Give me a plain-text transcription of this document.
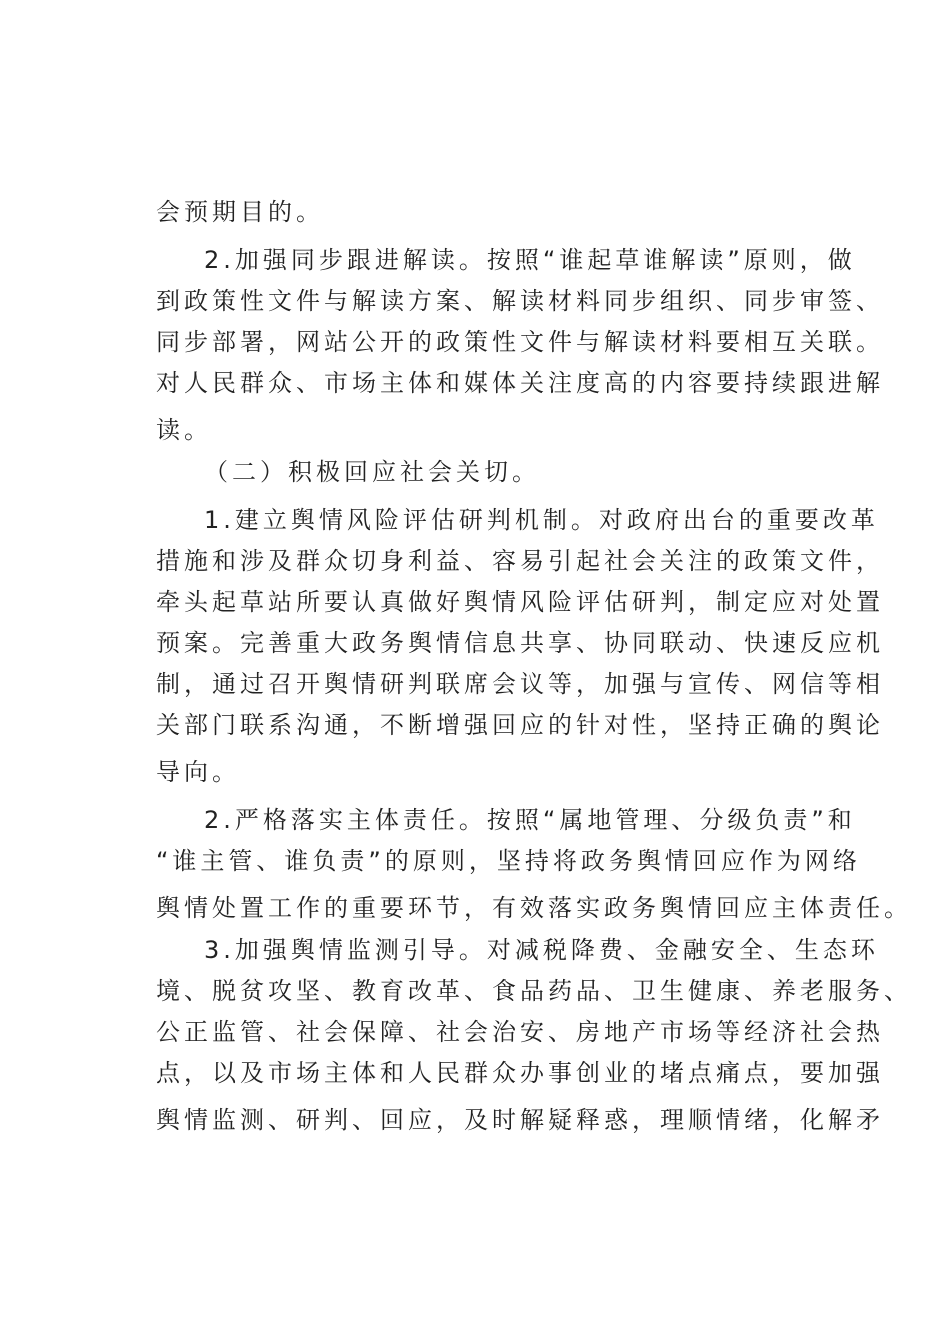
会预期目的。
2.加强同步跟进解读。按照“谁起草谁解读”原则，做
到政策性文件与解读方案、解读材料同步组织、同步审签、
同步部署，网站公开的政策性文件与解读材料要相互关联。
对人民群众、市场主体和媒体关注度高的内容要持续跟进解
读。
（二）积极回应社会关切。
1.建立舆情风险评估研判机制。对政府出台的重要改革
措施和涉及群众切身利益、容易引起社会关注的政策文件，
牵头起草站所要认真做好舆情风险评估研判，制定应对处置
预案。完善重大政务舆情信息共享、协同联动、快速反应机
制，通过召开舆情研判联席会议等，加强与宣传、网信等相
关部门联系沟通，不断增强回应的针对性，坚持正确的舆论
导向。
2.严格落实主体责任。按照“属地管理、分级负责”和
“谁主管、谁负责”的原则，坚持将政务舆情回应作为网络
舆情处置工作的重要环节，有效落实政务舆情回应主体责任。
3.加强舆情监测引导。对减税降费、金融安全、生态环
境、脱贫攻坚、教育改革、食品药品、卫生健康、养老服务、
公正监管、社会保障、社会治安、房地产市场等经济社会热
点，以及市场主体和人民群众办事创业的堵点痛点，要加强
舆情监测、研判、回应，及时解疑释惑，理顺情绪，化解矛
